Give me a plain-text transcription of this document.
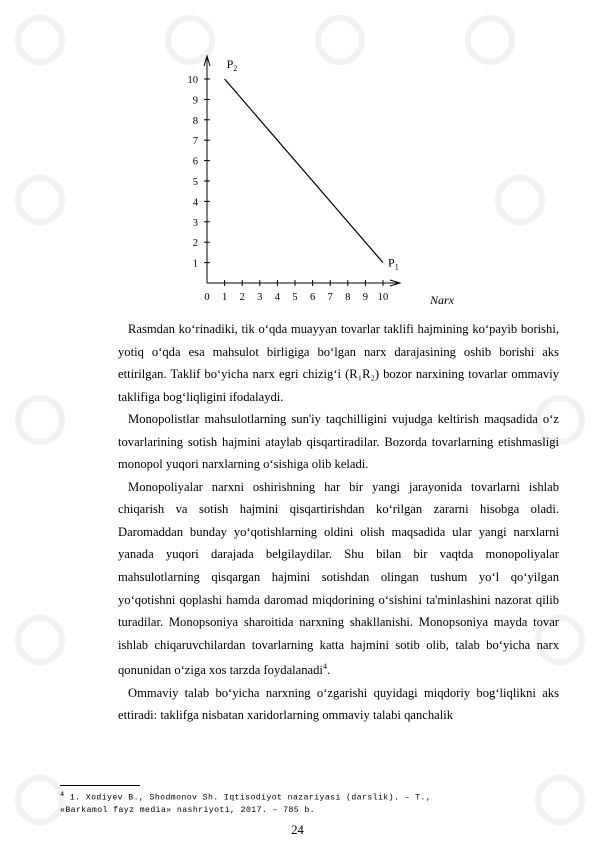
1
2
3
4
5
6
7
8
9
10
0 1 2 3 4 5 6 7 8 9 10
$P_2$
$P_1$
Narx

Rasmdan ko‘rinadiki, tik o‘qda muayyan tovarlar taklifi hajmining ko‘payib borishi, yotiq o‘qda esa mahsulot birligiga bo‘lgan narx darajasining oshib borishi aks ettirilgan. Taklif bo‘yicha narx egri chizig‘i (R₁R₂) bozor narxining tovarlar ommaviy taklifiga bog‘liqligini ifodalaydi.

Monopolistlar mahsulotlarning sun'iy taqchilligini vujudga keltirish maqsadida o‘z tovarlarining sotish hajmini ataylab qisqartiradilar. Bozorda tovarlarning etishmasligi monopol yuqori narxlarning o‘sishiga olib keladi.

Monopoliyalar narxni oshirishning har bir yangi jarayonida tovarlarni ishlab chiqarish va sotish hajmini qisqartirishdan ko‘rilgan zararni hisobga oladi. Daromaddan bunday yo‘qotishlarning oldini olish maqsadida ular yangi narxlarni yanada yuqori darajada belgilaydilar. Shu bilan bir vaqtda monopoliyalar mahsulotlarning qisqargan hajmini sotishdan olingan tushum yo‘l qo‘yilgan yo‘qotishni qoplashi hamda daromad miqdorining o‘sishini ta'minlashini nazorat qilib turadilar. Monopsoniya sharoitida narxning shakllanishi. Monopsoniya mayda tovar ishlab chiqaruvchilardan tovarlarning katta hajmini sotib olib, talab bo‘yicha narx qonunidan o‘ziga xos tarzda foydalanadi$^4$.

Ommaviy talab bo‘yicha narxning o‘zgarishi quyidagi miqdoriy bog‘liqlikni aks ettiradi: taklifga nisbatan xaridorlarning ommaviy talabi qanchalik

$^4$ 1. Xodiyev B., Shodmonov Sh. Iqtisodiyot nazariyasi (darslik). – T.,
«Barkamol fayz media» nashriyoti, 2017. – 785 b.
24
